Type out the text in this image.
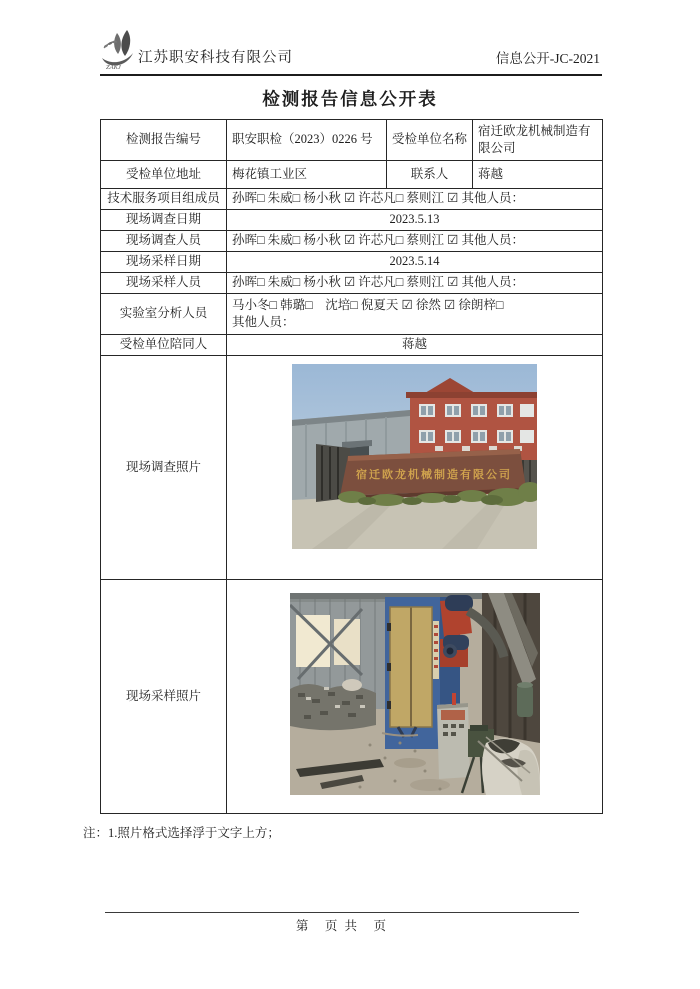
ZAKJ
江苏职安科技有限公司	信息公开-JC-2021
检测报告信息公开表
检测报告编号	职安职检（2023）0226 号	受检单位名称	宿迁欧龙机械制造有限公司
受检单位地址	梅花镇工业区	联系人	蒋越
技术服务项目组成员	孙晖□ 朱威□ 杨小秋 ☑ 许芯凡□ 蔡则江 ☑ 其他人员：		
现场调查日期	2023.5.13		
现场调查人员	孙晖□ 朱威□ 杨小秋 ☑ 许芯凡□ 蔡则江 ☑ 其他人员：		
现场采样日期	2023.5.14		
现场采样人员	孙晖□ 朱威□ 杨小秋 ☑ 许芯凡□ 蔡则江 ☑ 其他人员：		
实验室分析人员	马小冬□ 韩璐□　沈培□ 倪夏天 ☑ 徐然 ☑ 徐朗梓□
其他人员：		

受检单位陪同人	蒋越		
现场调查照片	宿迁欧龙机械制造有限公司		

现场采样照片	
注：1.照片格式选择浮于文字上方；
第　页 共　页
